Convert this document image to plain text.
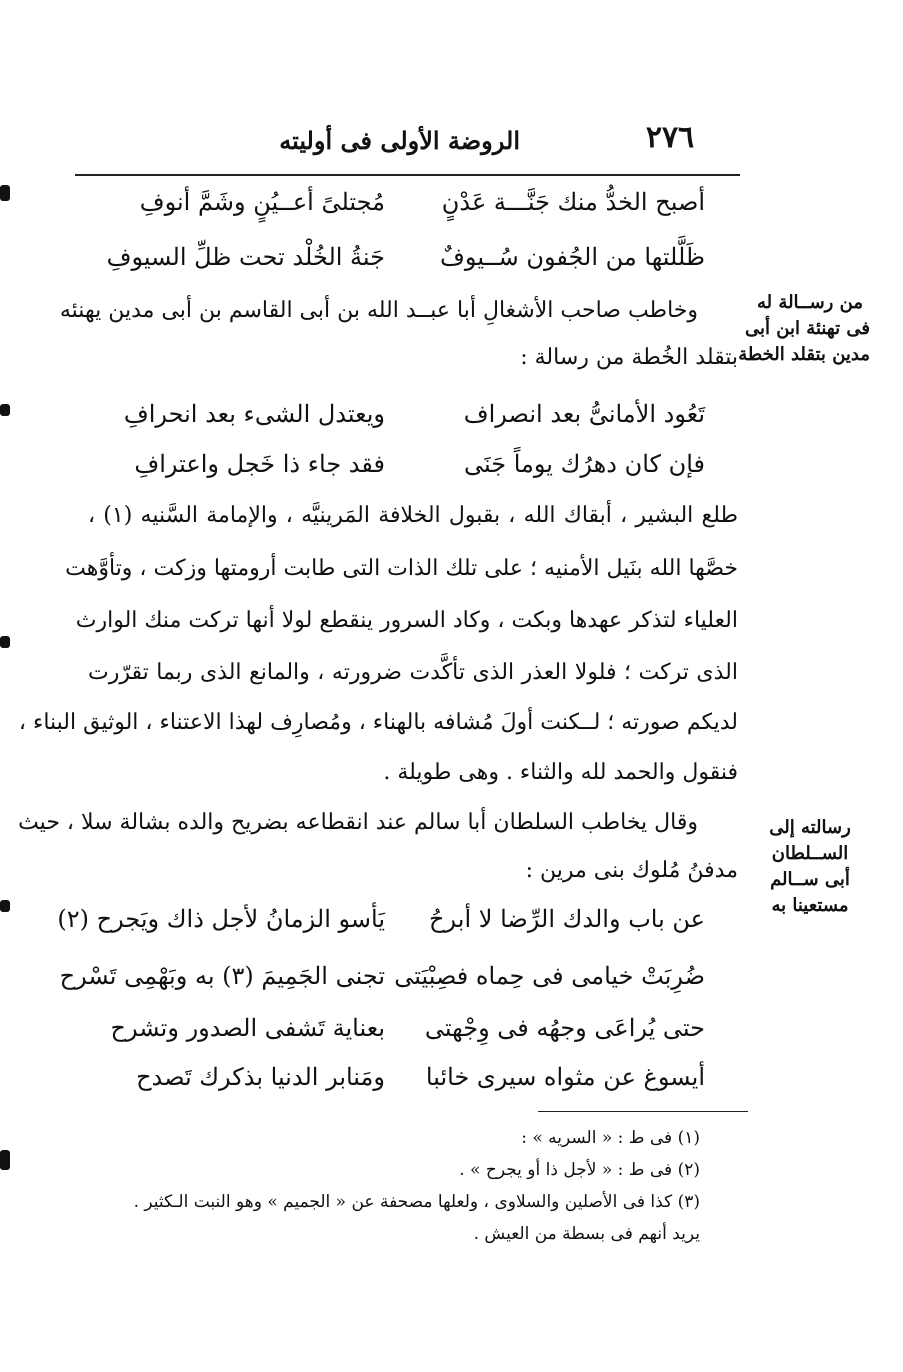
٢٧٦
الروضة الأولى فى أوليته
أصبح الخدُّ منك جَنَّـــة عَدْنٍ
مُجتلىً أعــيُنٍ وشَمَّ أنوفِ
ظَلَّلتها من الجُفون سُــيوفٌ
جَنةُ الخُلْد تحت ظلِّ السيوفِ
وخاطب صاحب الأشغالِ أبا عبــد الله بن أبى القاسم بن أبى مدين يهنئه
بتقلد الخُطة من رسالة :
من رســالة له
فى تهنئة ابن أبى
مدين بتقلد الخطة
تَعُود الأمانىُّ بعد انصراف
ويعتدل الشىء بعد انحرافِ
فإن كان دهرُك يوماً جَنَى
فقد جاء ذا خَجل واعترافِ
طلع البشير ، أبقاك الله ، بقبول الخلافة المَرينيَّه ، والإمامة السَّنيه (١) ،
خصَّها الله بنَيل الأمنيه ؛ على تلك الذات التى طابت أرومتها وزكت ، وتأوَّهت
العلياء لتذكر عهدها وبكت ، وكاد السرور ينقطع لولا أنها تركت منك الوارث
الذى تركت ؛ فلولا العذر الذى تأكَّدت ضرورته ، والمانع الذى ربما تقرّرت
لديكم صورته ؛ لــكنت أولَ مُشافه بالهناء ، ومُصارِف لهذا الاعتناء ، الوثيق البناء ،
فنقول والحمد لله والثناء . وهى طويلة .
وقال يخاطب السلطان أبا سالم عند انقطاعه بضريح والده بشالة سلا ، حيث
مدفنُ مُلوك بنى مرين :
رسالته إلى
الســلطان
أبى ســالم
مستعينا به
عن باب والدك الرِّضا لا أبرحُ
يَأسو الزمانُ لأجل ذاك ويَجرح (٢)
ضُرِبَتْ خيامى فى حِماه فصِبْيَتى
تجنى الجَمِيمَ (٣) به وبَهْمِى تَسْرح
حتى يُراعَى وجهُه فى وِجْهتى
بعناية تَشفى الصدور وتشرح
أيسوغ عن مثواه سيرى خائبا
ومَنابر الدنيا بذكرك تَصدح
(١) فى ط : « السريه » :
(٢) فى ط : « لأجل ذا أو يجرح » .
(٣) كذا فى الأصلين والسلاوى ، ولعلها مصحفة عن « الجميم » وهو النبت الـكثير .
يريد أنهم فى بسطة من العيش .
